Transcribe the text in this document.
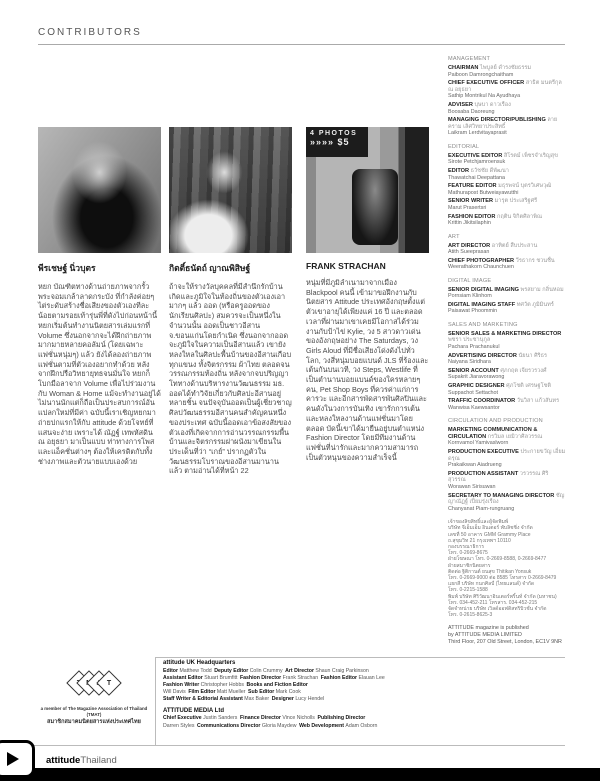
CONTRIBUTORS
พีรเชษฐ์ นิ่วบุตร
หยก บัณฑิตทางด้านถ่ายภาพจากรั้วพระจอมเกล้าลาดกระบัง ที่กำลังค่อยๆ ไต่ระดับสร้างชื่อเสียงของตัวเองทีละน้อยตามรอยเท้ารุ่นพี่ที่ดังไปก่อนหน้านี้ หยกเริ่มต้นทำงานนิตยสารเล่มแรกที่ Volume ซึ่งนอกจากจะได้ฝึกถ่ายภาพมากมายหลายคอลัมน์ (โดยเฉพาะแฟชั่นหนุ่มๆ) แล้ว ยังได้ลองถ่ายภาพแฟชั่นตามที่ตัวเองอยากทำด้วย หลังจากฝึกปรือวิทยายุทธจนมั่นใจ หยกก็โบกมือลาจาก Volume เพื่อไปร่วมงานกับ Woman & Home แม้จะทำงานอยู่ได้ไม่นานนักแต่ก็ถือเป็นประสบการณ์อันแปลกใหม่ที่มีค่า ฉบับนี้เราเชิญหยกมาถ่ายปกแรกให้กับ attitude ด้วยโจทย์ที่แสนจะง่าย เพราะได้ ณัฏฐ์ เทพหัสดิน ณ อยุธยา มาเป็นแบบ ท่าทางการโพสและแอ็คชั่นต่างๆ ต้องให้เครดิตกับทั้งช่างภาพและตัวนายแบบเองด้วย
กิตติ์ธนัตถ์ ญาณพิสิษฐ์
ถ้าจะให้รางวัลบุคคลที่มีสำนึกรักบ้านเกิดและภูมิใจในท้องถิ่นของตัวเองเอามากๆ แล้ว ออด (หรือครูออดของนักเรียนศิลปะ) สมควรจะเป็นหนึ่งในจำนวนนั้น ออดเป็นชาวอีสาน จ.ขอนแก่นโดยกำเนิด ซึ่งนอกจากออดจะภูมิใจในความเป็นอีสานแล้ว เขายังหลงใหลในศิลปะพื้นบ้านของอีสานเกือบทุกแขนง ทั้งจิตรกรรม ผ้าไทย ตลอดจนวรรณกรรมท้องถิ่น หลังจากจบปริญญาโททางด้านบริหารงานวัฒนธรรม มธ. ออดได้ทำวิจัยเกี่ยวกับศิลปะอีสานอยู่หลายชิ้น จนปัจจุบันออดเป็นผู้เชี่ยวชาญศิลปวัฒนธรรมอีสานคนสำคัญคนหนึ่งของประเทศ ฉบับนี้ออดเอาข้อสงสัยของตัวเองที่เกิดจากการอ่านวรรณกรรมพื้นบ้านและจิตรกรรมฝาผนังมาเขียนในประเด็นที่ว่า “เกย์” ปรากฏตัวในวัฒนธรรมโบราณของอีสานมานานแล้ว ตามอ่านได้ที่หน้า 22
4 PHOTOS
»»»» $5
FRANK STRACHAN
หนุ่มที่มีภูมิลำเนามาจากเมือง Blackpool คนนี้ เข้ามาขอฝึกงานกับนิตยสาร Attitude ประเทศอังกฤษตั้งแต่ตัวเขาอายุได้เพียงแค่ 16 ปี และตลอดเวลาที่ผ่านมาเขาเคยมีโอกาสได้ร่วมงานกับป้าไข่ Kylie, วง 5 สาวดาวเด่นของอังกฤษอย่าง The Saturdays, วง Girls Aloud ที่มีชื่อเสียงโด่งดังไปทั่วโลก, วงสี่หนุ่มบอยแบนด์ JLS ที่ร้องและเต้นกันบนเวที, วง Steps, Westlife ที่เป็นตำนานบอยแบนด์ของใครหลายๆ คน, Pet Shop Boys ที่ควรค่าแก่การคารวะ และอีกสารพัดสารพันศิลปินและคนดังในวงการบันเทิง เขารักการเต้นและหลงใหลงานด้านแฟชั่นมาโดยตลอด บัดนี้เขาได้มายืนอยู่บนตำแหน่ง Fashion Director โดยมีทีมงานด้านแฟชั่นที่น่ารักและมากความสามารถเป็นตัวหนุนของความสำเร็จนี้
MANAGEMENT
CHAIRMAN ไพบูลย์ ดำรงชัยธรรม
Paiboon Damrongchaitham
CHIEF EXECUTIVE OFFICER สาธิต มนตรีกุล ณ อยุธยา
Sathip Montrikul Na Ayudhaya
ADVISER บุษบา ดาวเรือง
Boosaba Daoreung
MANAGING DIRECTOR/PUBLISHING ลายคราม เลิศวิทยาประสิทธิ์
Laikram Lerdvitayaprasit
EDITORIAL
EXECUTIVE EDITOR สิโรตม์ เพ็ชรจำเริญสุข
Sirote Petchjamroensuk
EDITOR ธวัชชัย ดีพัฒนา
Thawatchai Deepattana
FEATURE EDITOR มธุรพจน์ บุตรวิเศษวุฒิ
Mathurapost Butweiayawutthi
SENIOR WRITER มารุต ประเสริฐศรี
Marut Prasertsri
FASHION EDITOR กฤติน จิกิตศิลาพิณ
Krittin Jikitsilaphin
ART
ART DIRECTOR อาทิตย์ สืบประสาน
Atith Sueeprasan
CHIEF PHOTOGRAPHER วีรธากร ชวนชื่น
Weerathakorn Chaunchuen
DIGITAL IMAGE
SENIOR DIGITAL IMAGING พรสยาม กลิ่นหอม
Pornsiam Klinhom
DIGITAL IMAGING STAFF ทศวัต ภูมิมินทร์
Paisawat Phoommin
SALES AND MARKETING
SENIOR SALES & MARKETING DIRECTOR พชรา ประชานุกูล
Pachara Prachanukul
ADVERTISING DIRECTOR นัยนา ศิริธร
Naiyana Siridhara
SENIOR ACCOUNT ศุภกฤต เจียรวรวงศ์
Supakrit Jiaravorawong
GRAPHIC DESIGNER ศุภโชติ เศรษฐโชติ
Suppachot Settachot
TRAFFIC COORDINATOR วันวิสา แก้วสันทร
Wanwisa Kaewsantor
CIRCULATION AND PRODUCTION
MARKETING COMMUNICATION & CIRCULATION กรวิมล เยมิวาศิลวรรณ
Kornvamol Yamivaslworn
PRODUCTION EXECUTIVE ประกายขวัญ เอี่ยมดรุณ
Prakaikwan Aiadrueng
PRODUCTION ASSISTANT วรวรรณ ศิริสุวรรณ
Worawan Sirisuwan
SECRETARY TO MANAGING DIRECTOR ชัญญาณัฏฐ์ เปี่ยมรุ่งเรือง
Chanyanat Piam-rungruang
เจ้าของลิขสิทธิ์และผู้จัดพิมพ์
บริษัท จีเอ็มเอ็ม อินเตอร์ พับลิชชิ่ง จำกัด
เลขที่ 50 อาคาร GMM Grammy Place
ถ.สุขุมวิท 21 กรุงเทพฯ 10110
กองบรรณาธิการ
โทร. 0-2669-8675
ฝ่ายโฆษณา โทร. 0-2669-8588, 0-2669-8477
ฝ่ายสมาชิกนิตยสาร
ติดต่อ ฐิติกานต์ ยนสุข Thitikan Yonsuk
โทร. 0-2669-9000 ต่อ 8585 โทรสาร 0-2669-8479
แยกสี บริษัท กนกศิลป์ (ไทยแลนด์) จำกัด
โทร. 0-2215-1588
พิมพ์ บริษัท ศิริวัฒนาอินเตอร์พริ้นท์ จำกัด (มหาชน)
โทร. 034-452-211 โทรสาร. 034-452-215
จัดจำหน่าย บริษัท เวิลด์ออฟดิสทริบิวชั่น จำกัด
โทร. 0-2615-8625-3
ATTITUDE magazine is published
by ATTITUDE MEDIA LIMITED
Third Floor, 207 Old Street, London, EC1V 9NR
T
a member of The Magazine Association of Thailand (TMAT)
สมาชิกสมาคมนิตยสารแห่งประเทศไทย
attitude UK Headquarters
Editor Matthew Todd Deputy Editor Colin Crummy Art Director Shaun Craig Parkinson 
Assistant Editor Stuart Brumfitt Fashion Director Frank Strachan Fashion Editor Elauan Lee 
Fashion Writer Christopher Hobbs Books and Fiction Editor
Will Davis Film Editor Matt Mueller Sub Editor Mark Cook 
Staff Writer & Editorial Assistant Max Baker Designer Lucy Hendel 
ATTITUDE MEDIA Ltd
Chief Executive Justin Sanders Finance Director Vince Nicholls Publishing Director
Darren Styles Communications Director Gloria Maydew Web Development Adam Osborn 
attitudeThailand
